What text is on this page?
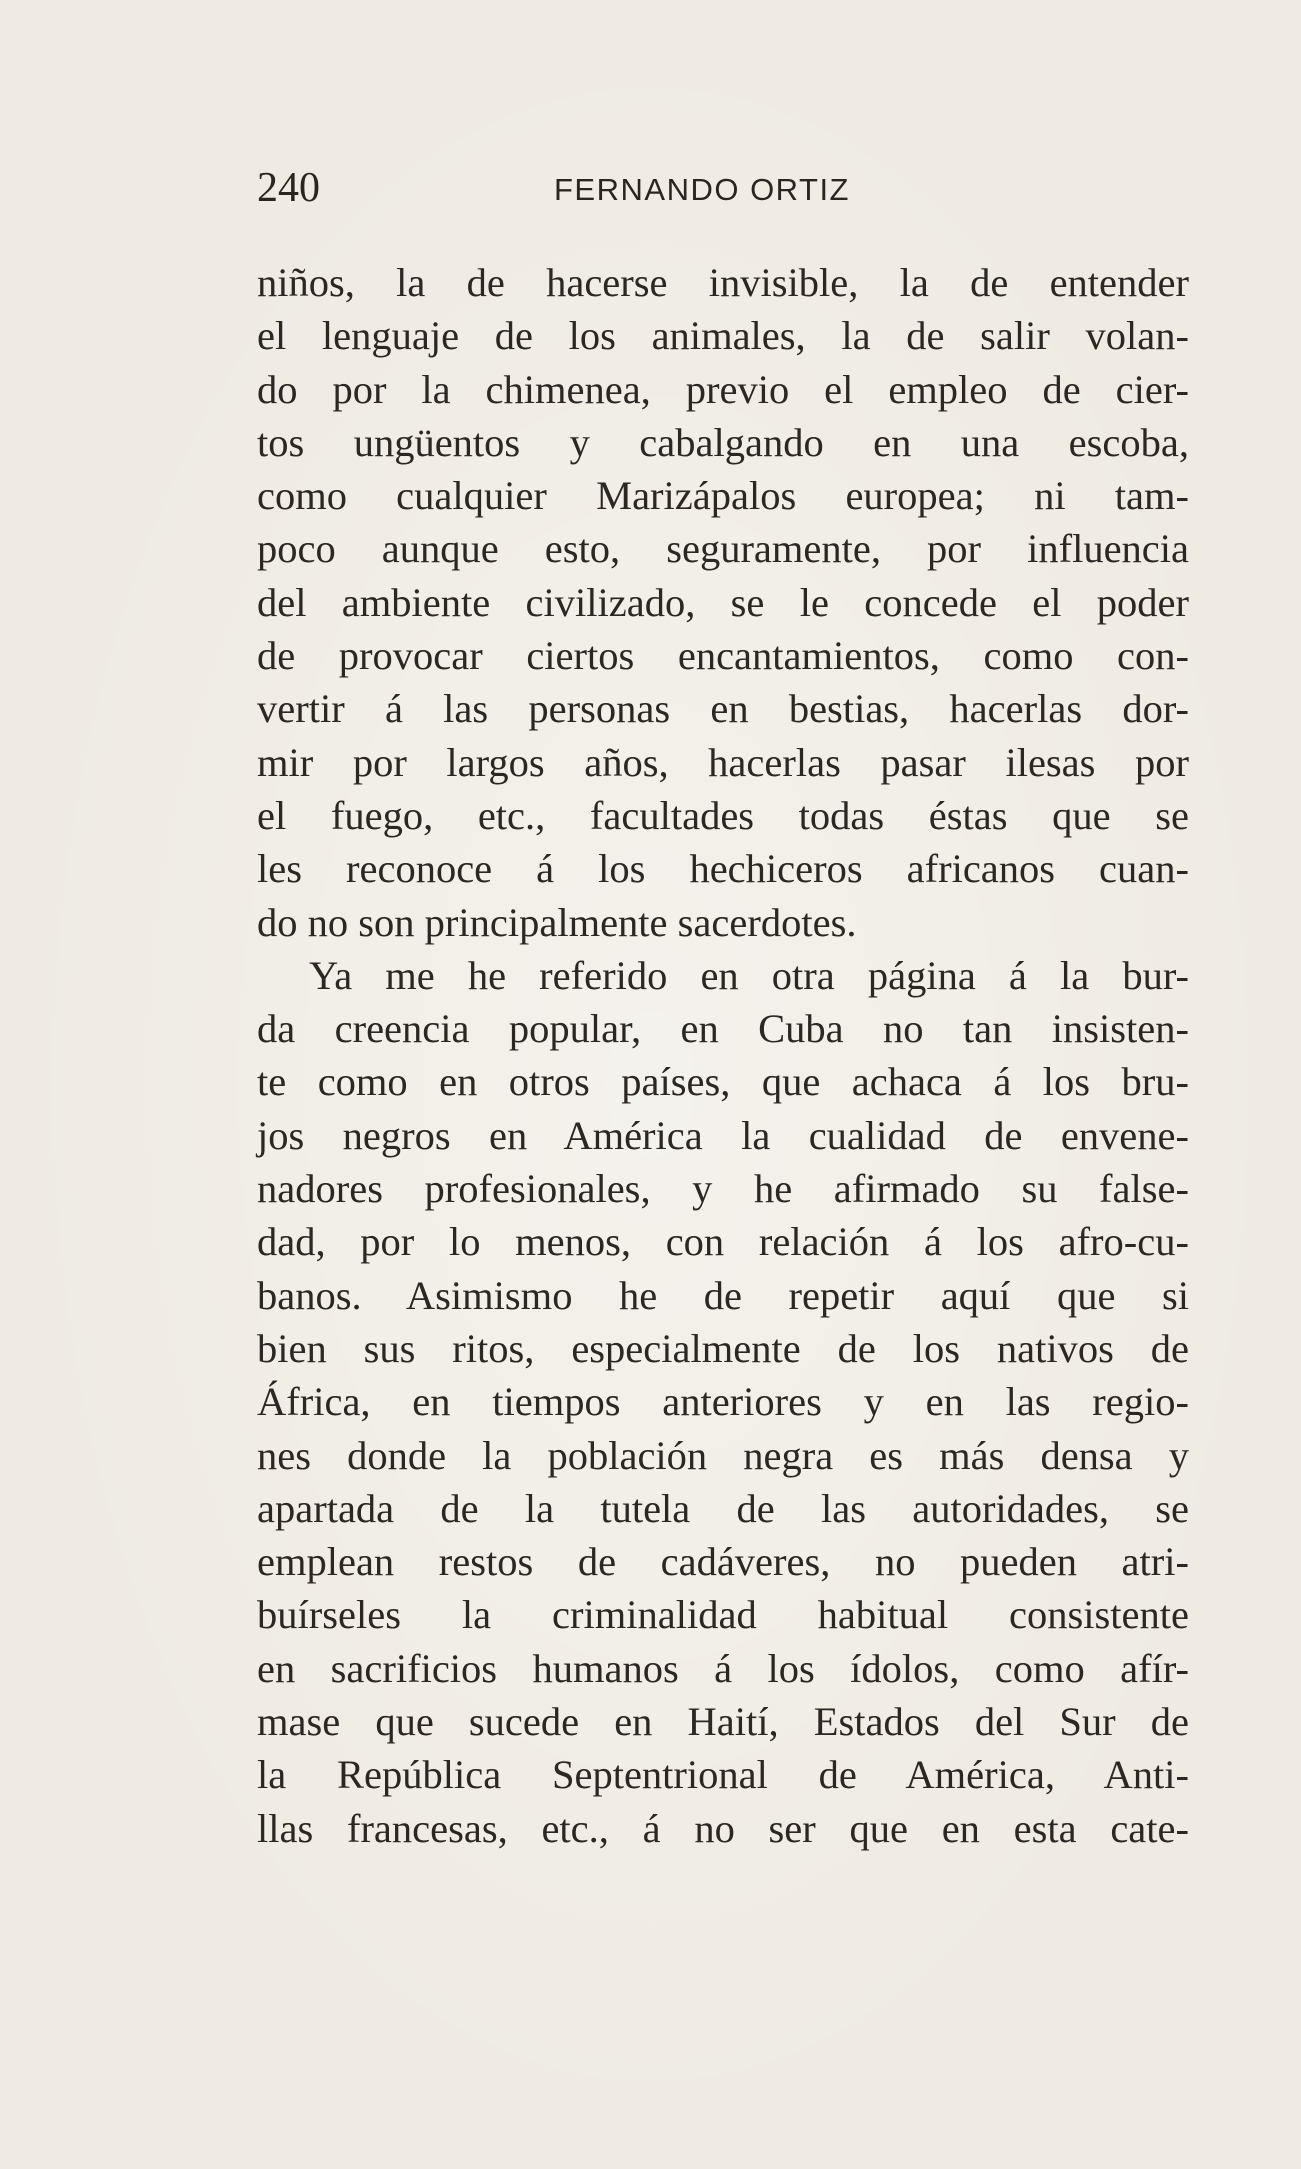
240	FERNANDO ORTIZ
niños, la de hacerse invisible, la de entender
el lenguaje de los animales, la de salir volan-
do por la chimenea, previo el empleo de cier-
tos ungüentos y cabalgando en una escoba,
como cualquier Marizápalos europea; ni tam-
poco aunque esto, seguramente, por influencia
del ambiente civilizado, se le concede el poder
de provocar ciertos encantamientos, como con-
vertir á las personas en bestias, hacerlas dor-
mir por largos años, hacerlas pasar ilesas por
el fuego, etc., facultades todas éstas que se
les reconoce á los hechiceros africanos cuan-
do no son principalmente sacerdotes.
Ya me he referido en otra página á la bur-
da creencia popular, en Cuba no tan insisten-
te como en otros países, que achaca á los bru-
jos negros en América la cualidad de envene-
nadores profesionales, y he afirmado su false-
dad, por lo menos, con relación á los afro-cu-
banos. Asimismo he de repetir aquí que si
bien sus ritos, especialmente de los nativos de
África, en tiempos anteriores y en las regio-
nes donde la población negra es más densa y
apartada de la tutela de las autoridades, se
emplean restos de cadáveres, no pueden atri-
buírseles la criminalidad habitual consistente
en sacrificios humanos á los ídolos, como afír-
mase que sucede en Haití, Estados del Sur de
la República Septentrional de América, Anti-
llas francesas, etc., á no ser que en esta cate-
